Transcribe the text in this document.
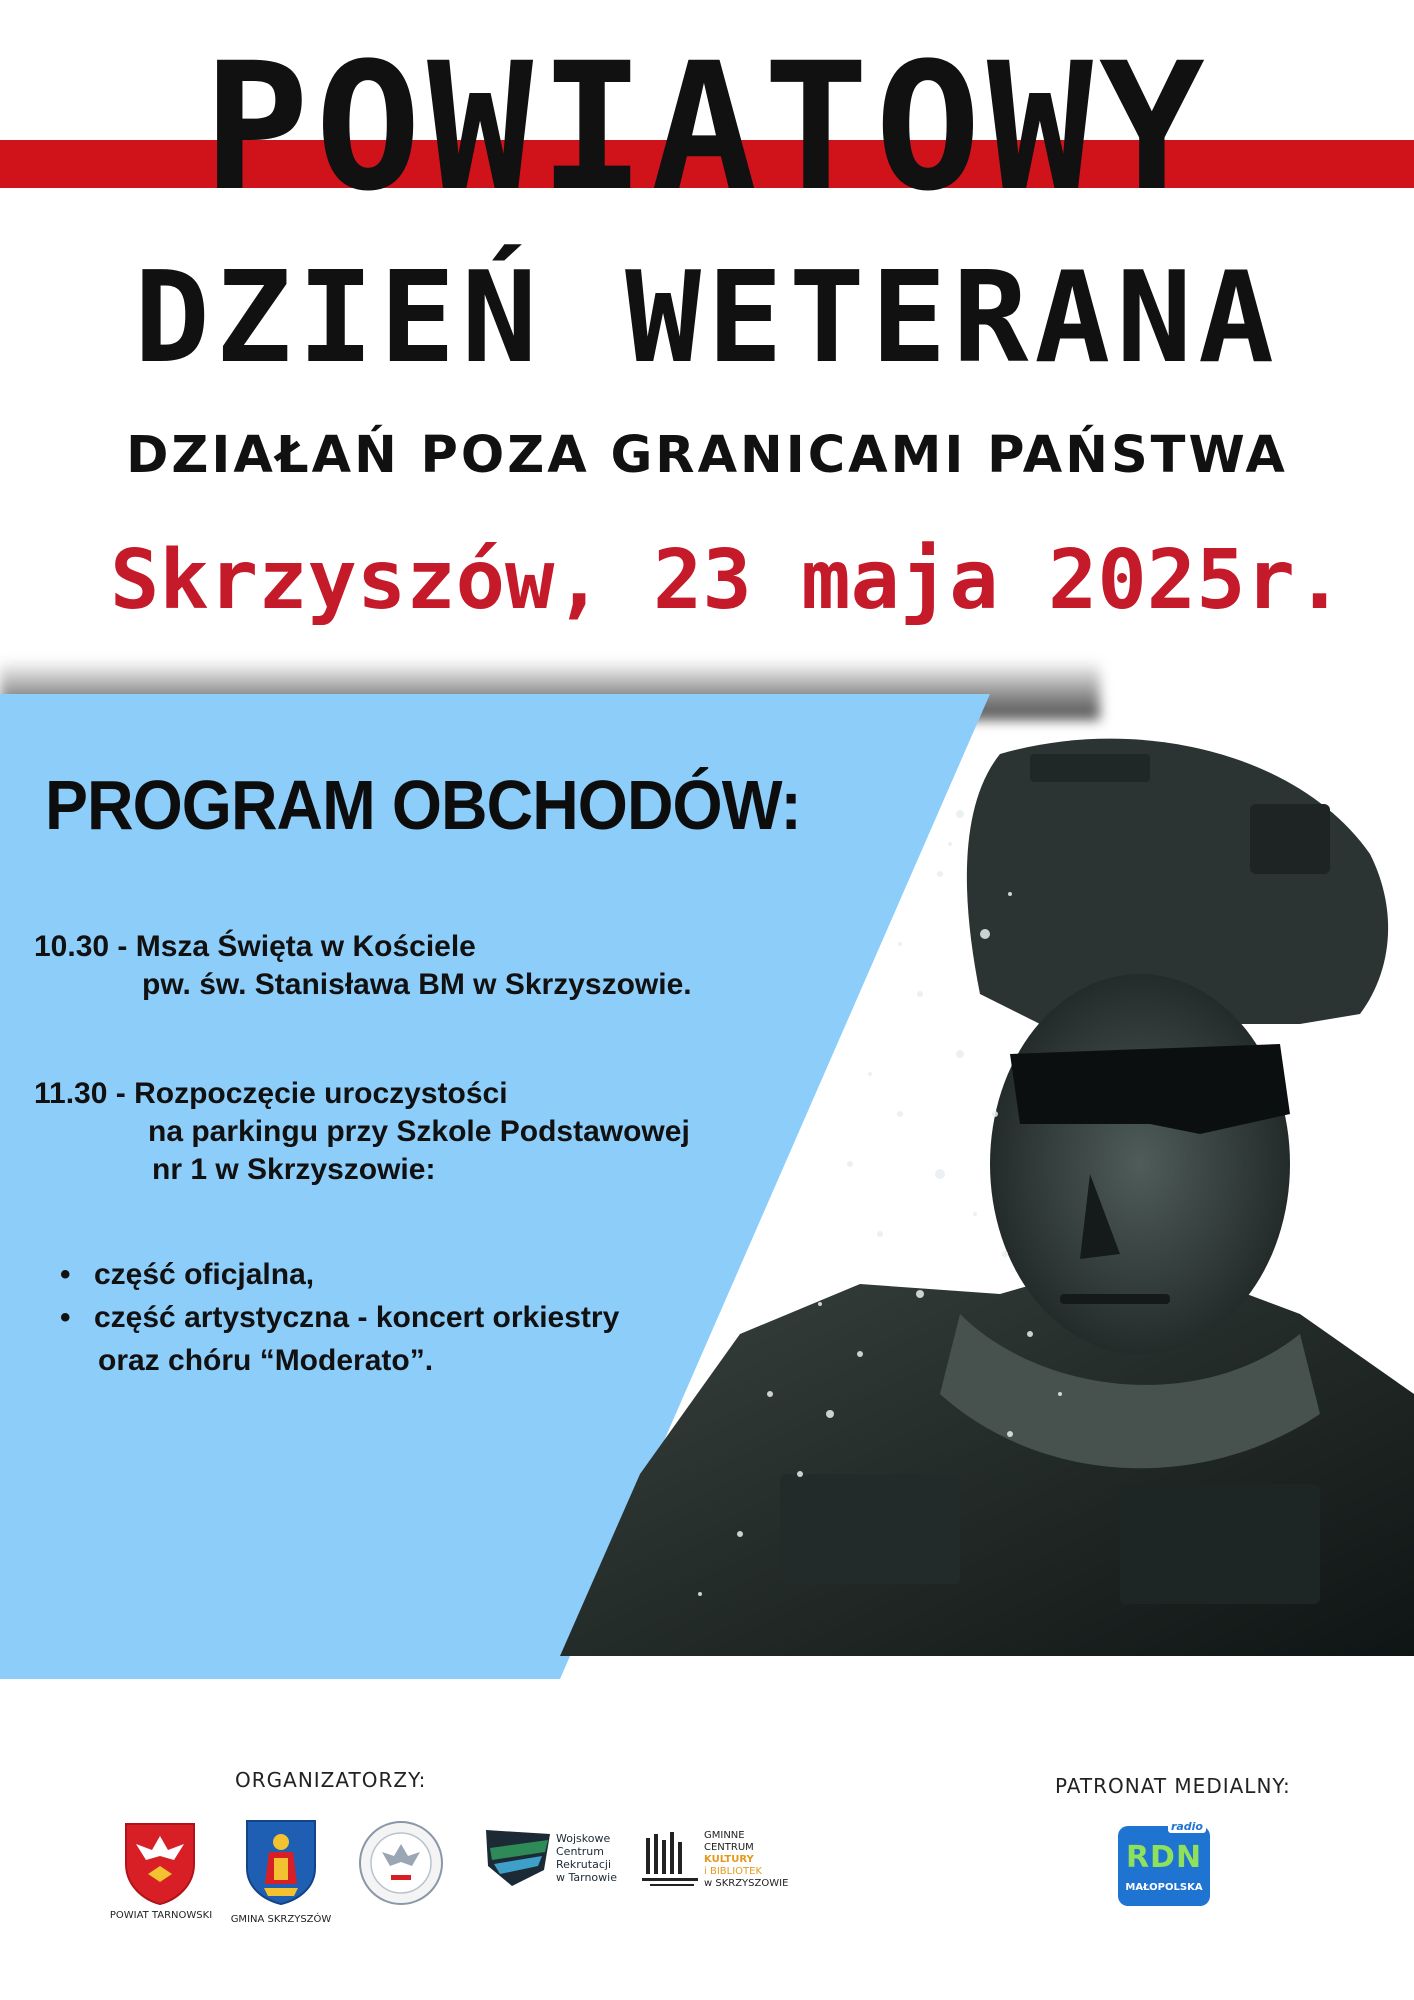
POWIATOWY
DZIEŃ WETERANA
DZIAŁAŃ POZA GRANICAMI PAŃSTWA
Skrzyszów, 23 maja 2025r.
PROGRAM OBCHODÓW:
10.30 - Msza Święta w Kościele
pw. św. Stanisława BM w Skrzyszowie.
11.30 - Rozpoczęcie uroczystości
na parkingu przy Szkole Podstawowej
nr 1 w Skrzyszowie:
• część oficjalna,
• część artystyczna - koncert orkiestry
oraz chóru “Moderato”.
ORGANIZATORZY:	PATRONAT MEDIALNY:
POWIAT TARNOWSKI	GMINA SKRZYSZÓW
Wojskowe
Centrum
Rekrutacji
w Tarnowie
GMINNE
CENTRUM
KULTURY
i BIBLIOTEK
w SKRZYSZOWIE
radio
RDN
MAŁOPOLSKA
